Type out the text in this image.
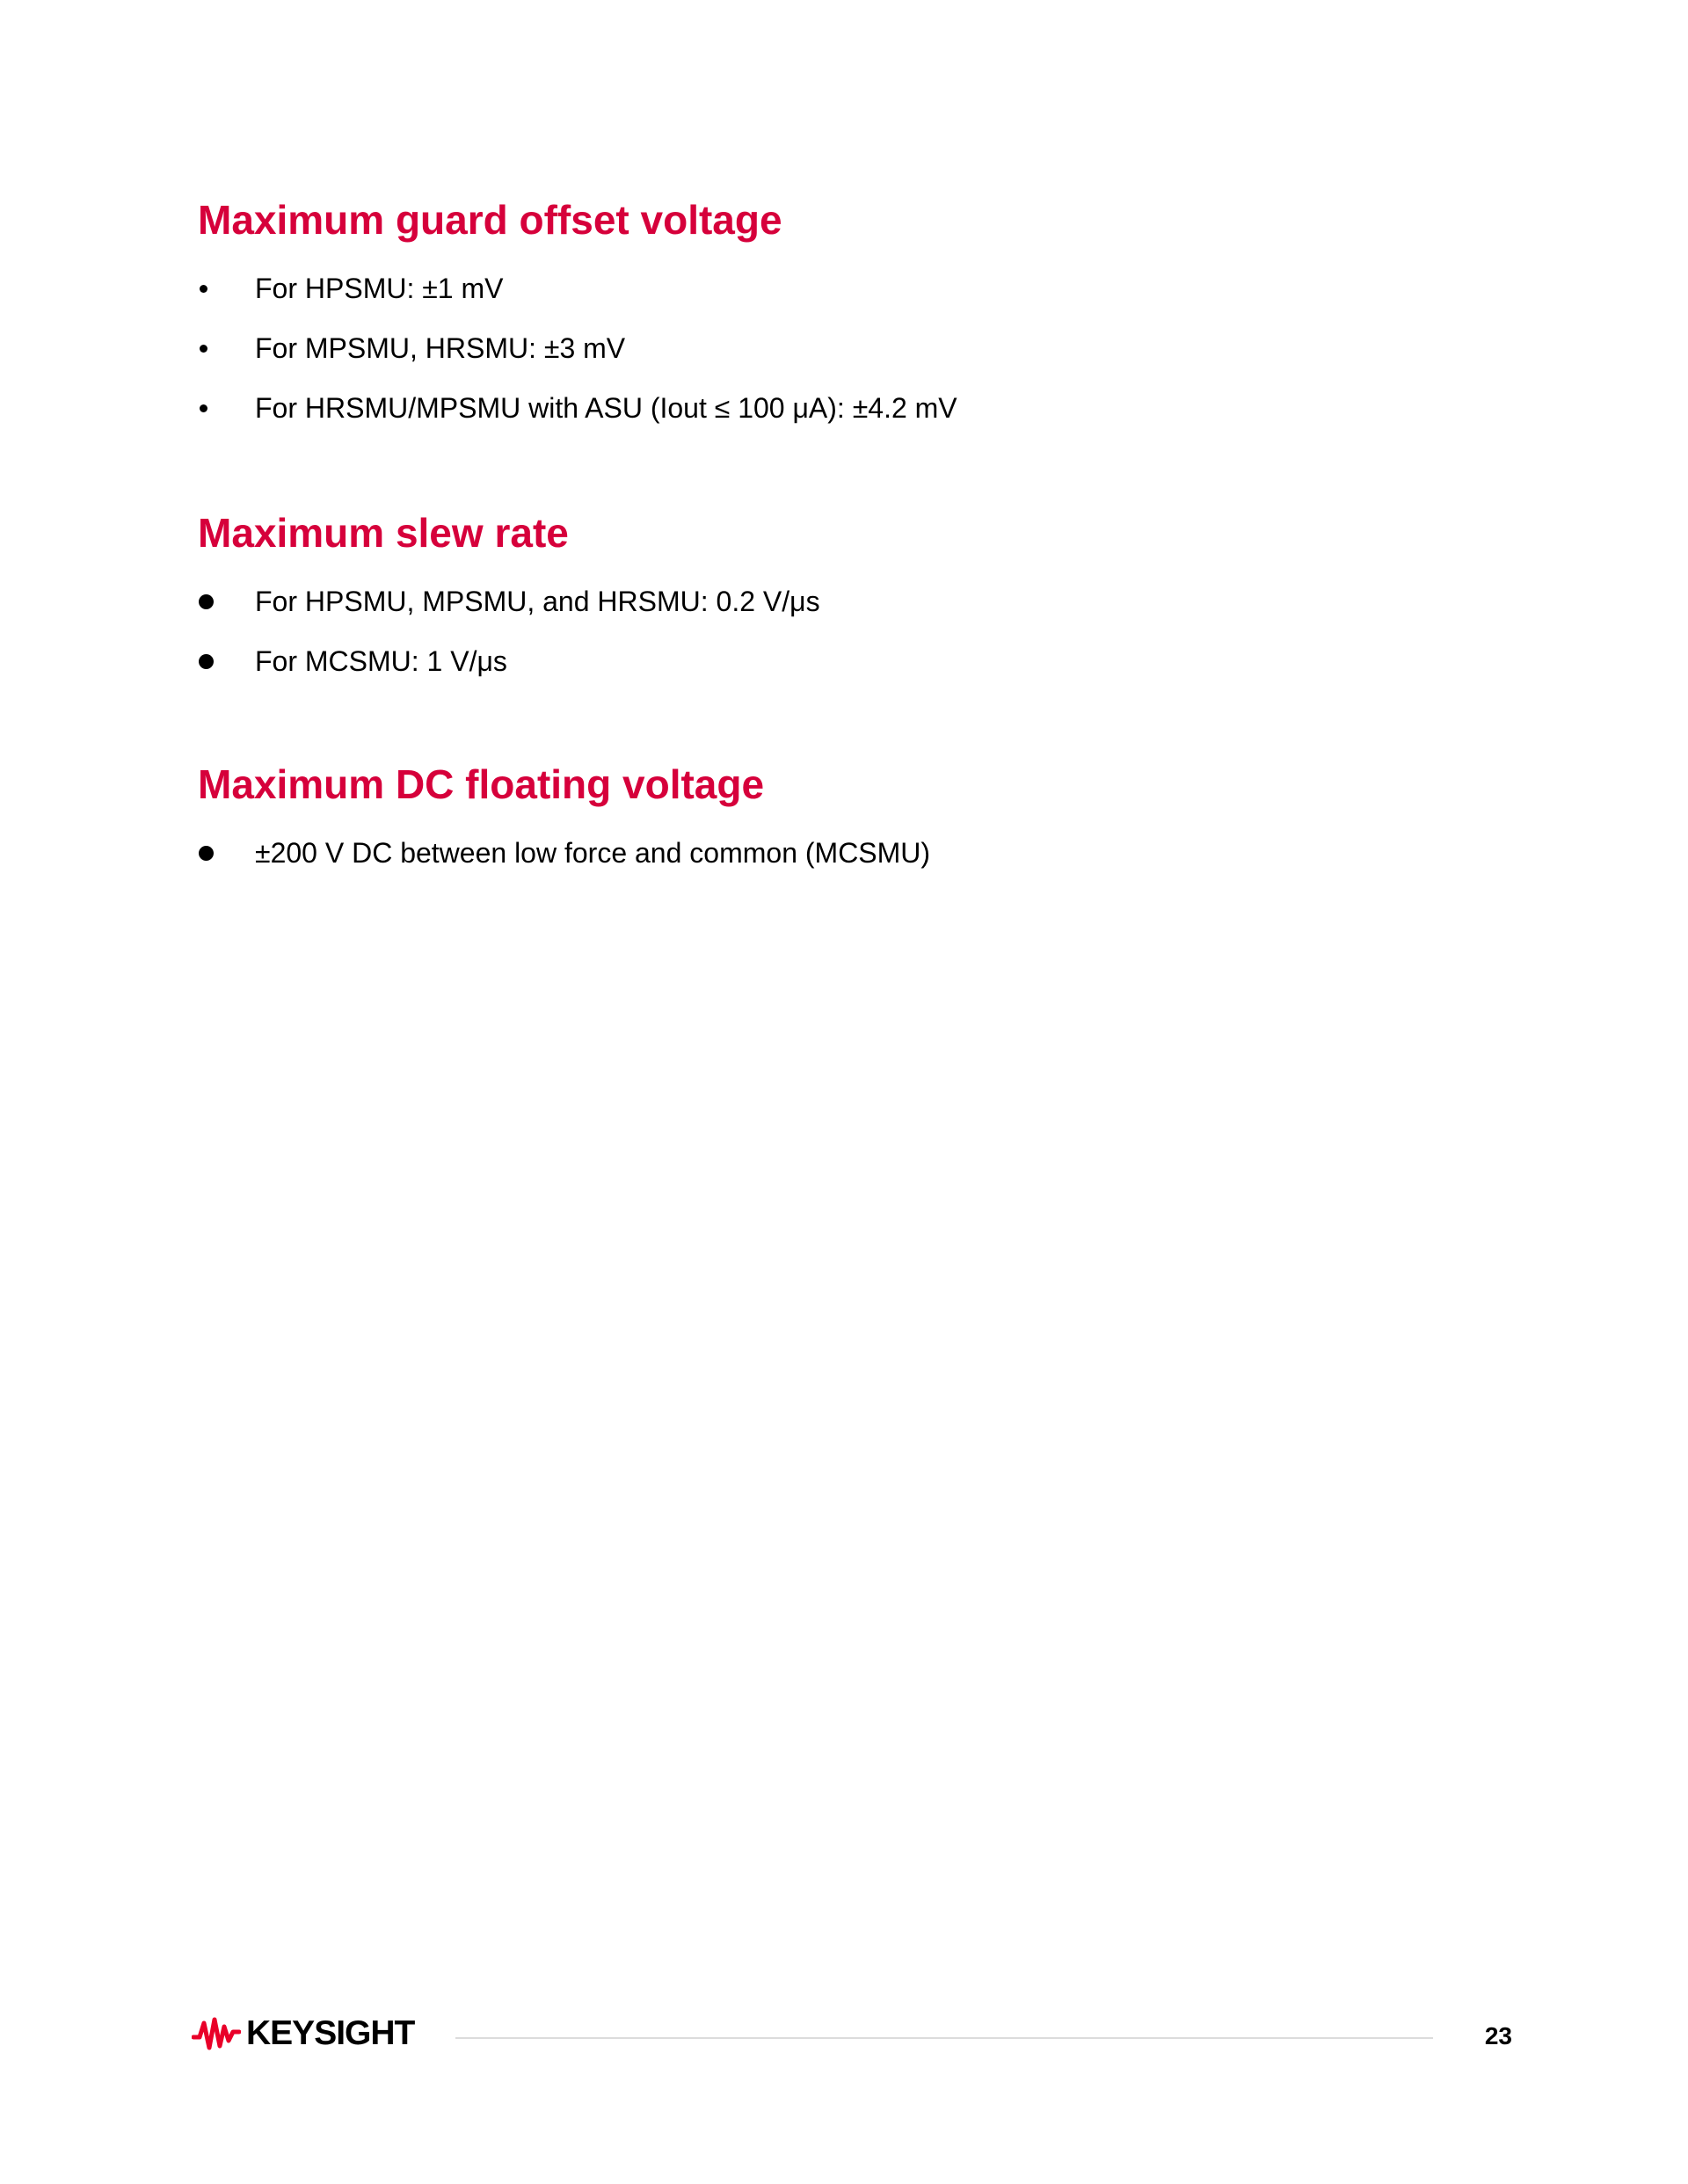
Maximum guard offset voltage
For HPSMU: ±1 mV
For MPSMU, HRSMU: ±3 mV
For HRSMU/MPSMU with ASU (Iout ≤ 100 μA): ±4.2 mV
Maximum slew rate
For HPSMU, MPSMU, and HRSMU: 0.2 V/μs
For MCSMU: 1 V/μs
Maximum DC floating voltage
±200 V DC between low force and common (MCSMU)
KEYSIGHT	23
